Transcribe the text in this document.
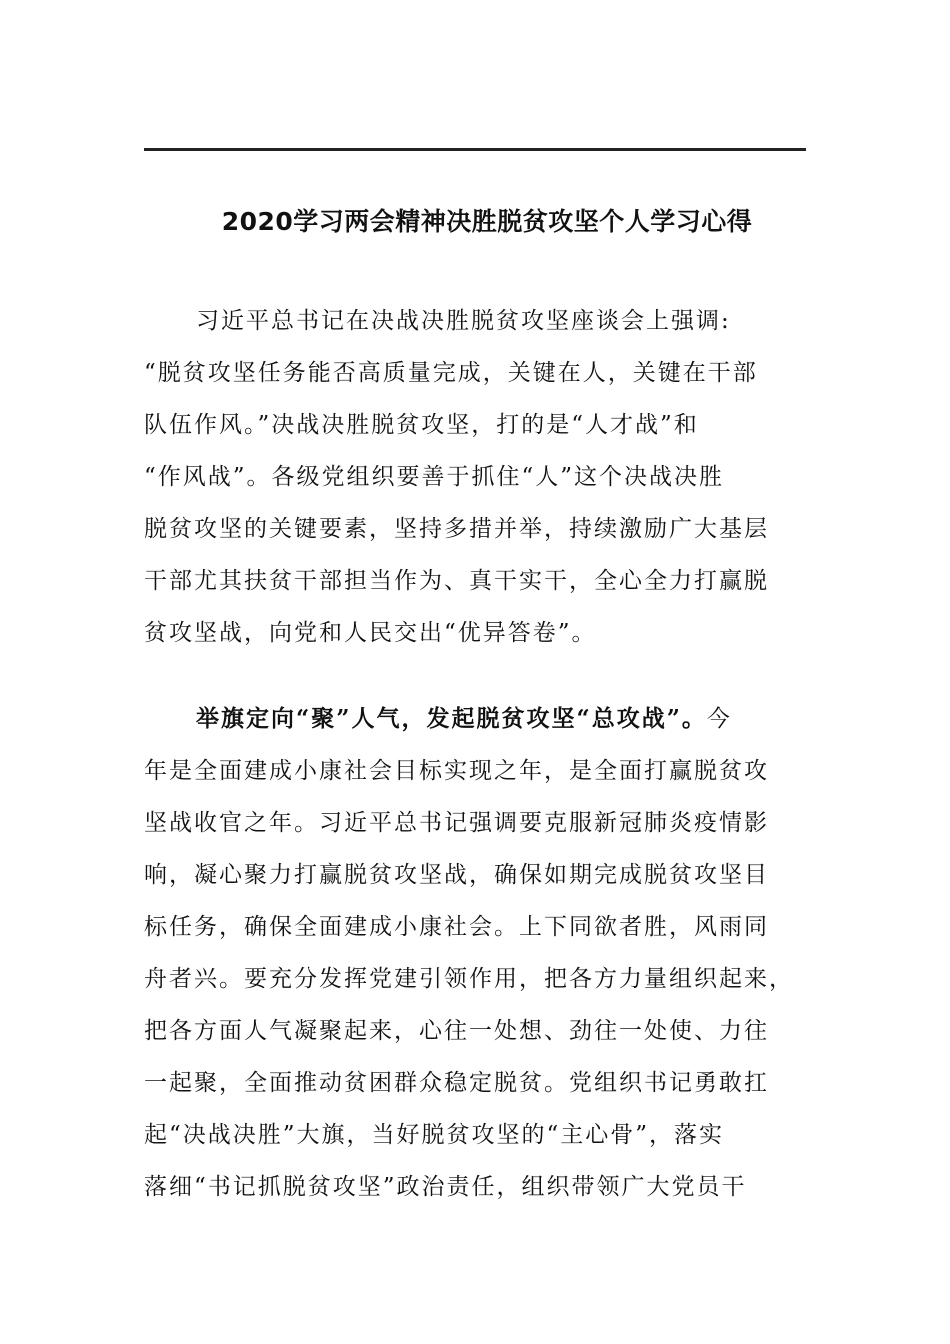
2020学习两会精神决胜脱贫攻坚个人学习心得
习近平总书记在决战决胜脱贫攻坚座谈会上强调:
“脱贫攻坚任务能否高质量完成，关键在人，关键在干部
队伍作风。”决战决胜脱贫攻坚，打的是“人才战”和
“作风战”。各级党组织要善于抓住“人”这个决战决胜
脱贫攻坚的关键要素，坚持多措并举，持续激励广大基层
干部尤其扶贫干部担当作为、真干实干，全心全力打赢脱
贫攻坚战，向党和人民交出“优异答卷”。
举旗定向“聚”人气，发起脱贫攻坚“总攻战”。今
年是全面建成小康社会目标实现之年，是全面打赢脱贫攻
坚战收官之年。习近平总书记强调要克服新冠肺炎疫情影
响，凝心聚力打赢脱贫攻坚战，确保如期完成脱贫攻坚目
标任务，确保全面建成小康社会。上下同欲者胜，风雨同
舟者兴。要充分发挥党建引领作用，把各方力量组织起来，
把各方面人气凝聚起来，心往一处想、劲往一处使、力往
一起聚，全面推动贫困群众稳定脱贫。党组织书记勇敢扛
起“决战决胜”大旗，当好脱贫攻坚的“主心骨”，落实
落细“书记抓脱贫攻坚”政治责任，组织带领广大党员干
